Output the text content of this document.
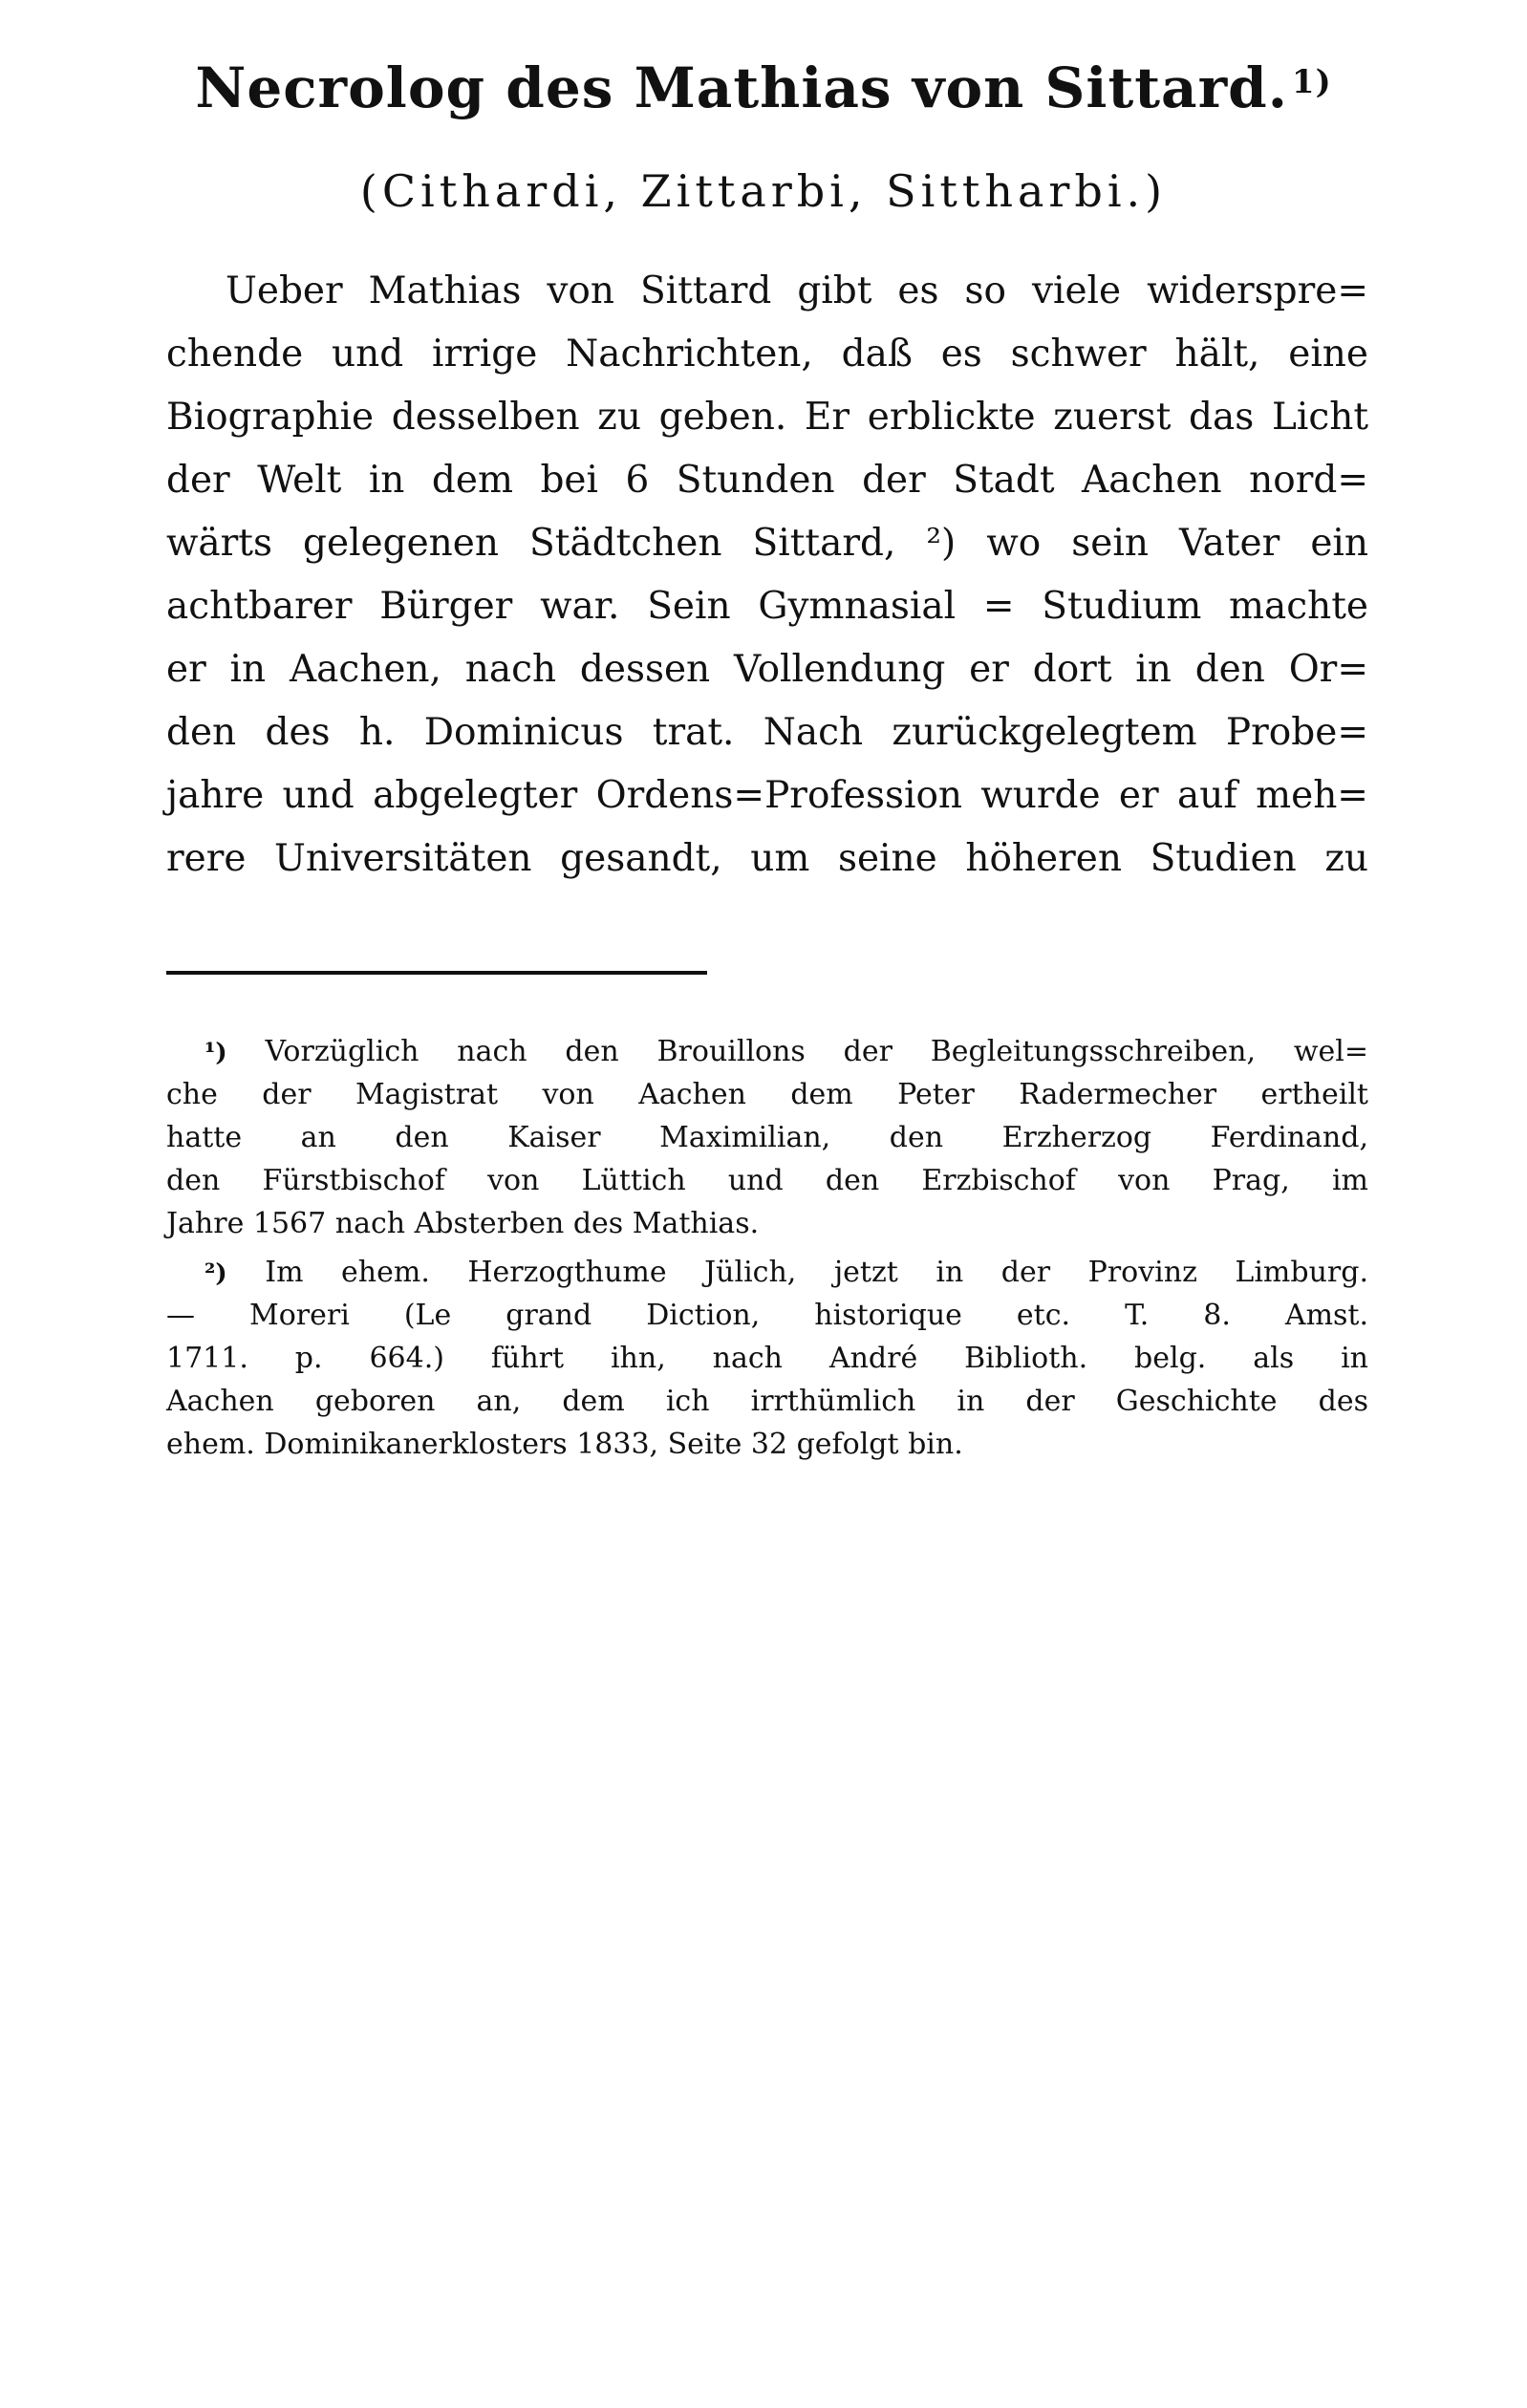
Necrolog des Mathias von Sittard. $^{1)}$
(Cithardi, Zittarbi, Sittharbi.)
Ueber Mathias von Sittard gibt es so viele widersprе=
chende und irrige Nachrichten, daß es schwer hält, eine
Biographie desselben zu geben. Er erblickte zuerst das Licht
der Welt in dem bei 6 Stunden der Stadt Aachen nord=
wärts gelegenen Städtchen Sittard, ²) wo sein Vater ein
achtbarer Bürger war. Sein Gymnasial = Studium machte
er in Aachen, nach dessen Vollendung er dort in den Or=
den des h. Dominicus trat. Nach zurückgelegtem Probe=
jahre und abgelegter Ordens=Profession wurde er auf meh=
rere Universitäten gesandt, um seine höheren Studien zu
¹) Vorzüglich nach den Brouillons der Begleitungsschreiben, wel=
che der Magistrat von Aachen dem Peter Radermecher ertheilt
hatte an den Kaiser Maximilian, den Erzherzog Ferdinand,
den Fürstbischof von Lüttich und den Erzbischof von Prag, im
Jahre 1567 nach Absterben des Mathias.
²) Im ehem. Herzogthume Jülich, jetzt in der Provinz Limburg.
— Moreri (Le grand Diction, historique etc. T. 8. Amst.
1711. p. 664.) führt ihn, nach André Biblioth. belg. als in
Aachen geboren an, dem ich irrthümlich in der Geschichte des
ehem. Dominikanerklosters 1833, Seite 32 gefolgt bin.
